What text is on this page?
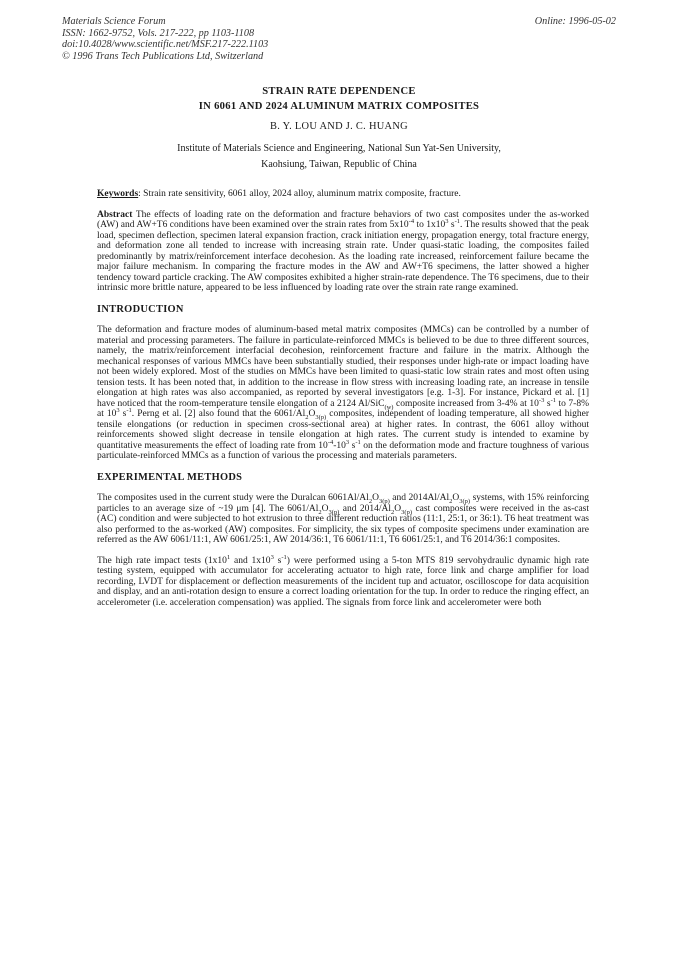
Materials Science Forum
ISSN: 1662-9752, Vols. 217-222, pp 1103-1108
doi:10.4028/www.scientific.net/MSF.217-222.1103
© 1996 Trans Tech Publications Ltd, Switzerland
Online: 1996-05-02
STRAIN RATE DEPENDENCE
IN 6061 AND 2024 ALUMINUM MATRIX COMPOSITES
B. Y. LOU AND J. C. HUANG
Institute of Materials Science and Engineering, National Sun Yat-Sen University,
Kaohsiung, Taiwan, Republic of China

Keywords: Strain rate sensitivity, 6061 alloy, 2024 alloy, aluminum matrix composite, fracture.

Abstract The effects of loading rate on the deformation and fracture behaviors of two cast composites under the as-worked (AW) and AW+T6 conditions have been examined over the strain rates from $5x10^{-4}$ to $1x10^3$ $s^{-1}$. The results showed that the peak load, specimen deflection, specimen lateral expansion fraction, crack initiation energy, propagation energy, total fracture energy, and deformation zone all tended to increase with increasing strain rate. Under quasi-static loading, the composites failed predominantly by matrix/reinforcement interface decohesion. As the loading rate increased, reinforcement failure became the major failure mechanism. In comparing the fracture modes in the AW and AW+T6 specimens, the latter showed a higher tendency toward particle cracking. The AW composites exhibited a higher strain-rate dependence. The T6 specimens, due to their intrinsic more brittle nature, appeared to be less influenced by loading rate over the strain rate range examined.

INTRODUCTION

The deformation and fracture modes of aluminum-based metal matrix composites (MMCs) can be controlled by a number of material and processing parameters. The failure in particulate-reinforced MMCs is believed to be due to three different sources, namely, the matrix/reinforcement interfacial decohesion, reinforcement fracture and failure in the matrix. Although the mechanical responses of various MMCs have been substantially studied, their responses under high-rate or impact loading have not been widely explored. Most of the studies on MMCs have been limited to quasi-static low strain rates and most often using tension tests. It has been noted that, in addition to the increase in flow stress with increasing loading rate, an increase in tensile elongation at high rates was also accompanied, as reported by several investigators [e.g. 1-3]. For instance, Pickard et al. [1] have noticed that the room-temperature tensile elongation of a 2124 Al/SiC$_{(w)}$ composite increased from 3-4% at $10^{-3}$ $s^{-1}$ to 7-8% at $10^3$ $s^{-1}$. Perng et al. [2] also found that the $6061/Al_2O_{3(p)}$ composites, independent of loading temperature, all showed higher tensile elongations (or reduction in specimen cross-sectional area) at higher rates. In contrast, the 6061 alloy without reinforcements showed slight decrease in tensile elongation at high rates. The current study is intended to examine by quantitative measurements the effect of loading rate from $10^{-4}-10^3$ $s^{-1}$ on the deformation mode and fracture toughness of various particulate-reinforced MMCs as a function of various the processing and materials parameters.

EXPERIMENTAL METHODS

The composites used in the current study were the Duralcan $6061Al/Al_2O_{3(p)}$ and $2014Al/Al_2O_{3(p)}$ systems, with 15% reinforcing particles to an average size of ~19 μm [4]. The $6061/Al_2O_{3(p)}$ and $2014/Al_2O_{3(p)}$ cast composites were received in the as-cast (AC) condition and were subjected to hot extrusion to three different reduction ratios (11:1, 25:1, or 36:1). T6 heat treatment was also performed to the as-worked (AW) composites. For simplicity, the six types of composite specimens under examination are referred as the AW 6061/11:1, AW 6061/25:1, AW 2014/36:1, T6 6061/11:1, T6 6061/25:1, and T6 2014/36:1 composites.

The high rate impact tests ($1x10^1$ and $1x10^3$ $s^{-1}$) were performed using a 5-ton MTS 819 servohydraulic dynamic high rate testing system, equipped with accumulator for accelerating actuator to high rate, force link and charge amplifier for load recording, LVDT for displacement or deflection measurements of the incident tup and actuator, oscilloscope for data acquisition and display, and an anti-rotation design to ensure a correct loading orientation for the tup. In order to reduce the ringing effect, an accelerometer (i.e. acceleration compensation) was applied. The signals from force link and accelerometer were both
